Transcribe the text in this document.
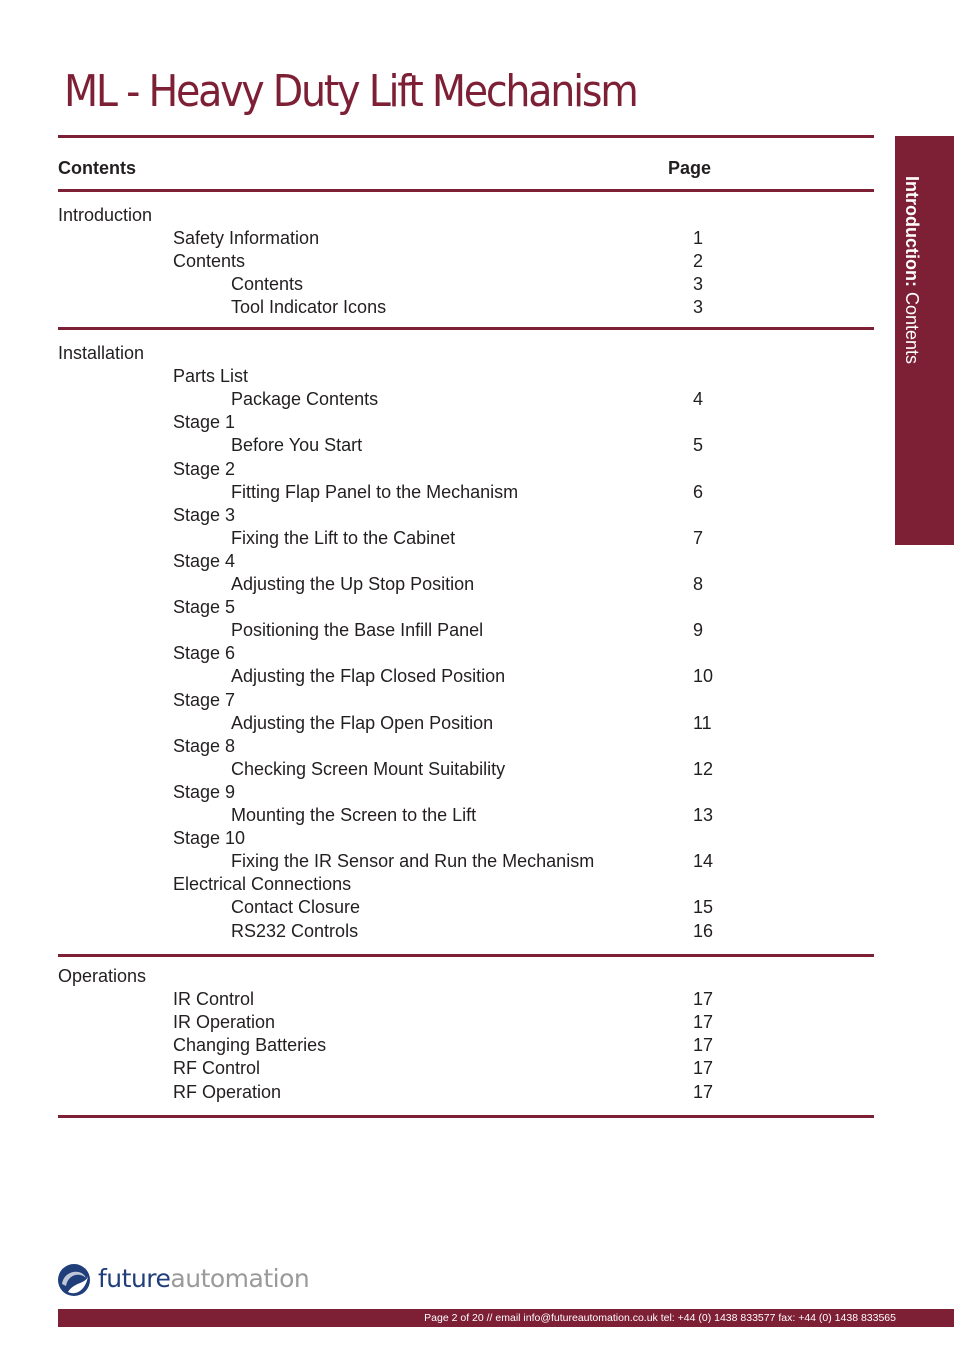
ML - Heavy Duty Lift Mechanism
Contents	Page
Introduction
Safety Information	1
Contents	2
Contents	3
Tool Indicator Icons	3
Installation
Parts List
Package Contents	4
Stage 1
Before You Start	5
Stage 2
Fitting Flap Panel to the Mechanism	6
Stage 3
Fixing the Lift to the Cabinet	7
Stage 4
Adjusting the Up Stop Position	8
Stage 5
Positioning the Base Infill Panel	9
Stage 6
Adjusting the Flap Closed Position	10
Stage 7
Adjusting the Flap Open Position	11
Stage 8
Checking Screen Mount Suitability	12
Stage 9
Mounting the Screen to the Lift	13
Stage 10
Fixing the IR Sensor and Run the Mechanism	14
Electrical Connections
Contact Closure	15
RS232 Controls	16
Operations
IR Control	17
IR Operation	17
Changing Batteries	17
RF Control	17
RF Operation	17
Introduction: Contents
futureautomation
Page 2 of 20 // email info@futureautomation.co.uk tel: +44 (0) 1438 833577 fax: +44 (0) 1438 833565
